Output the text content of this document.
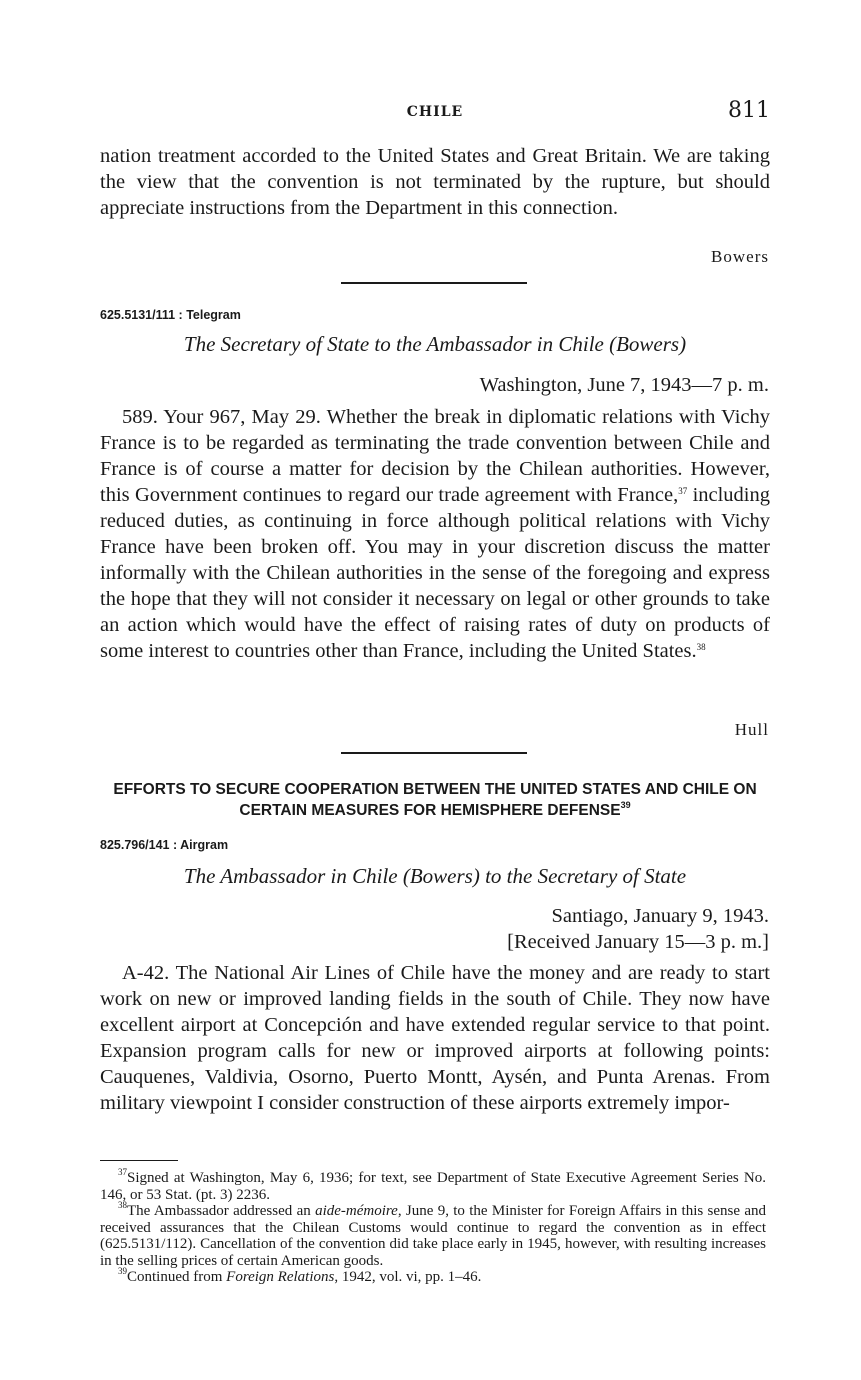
CHILE	811

nation treatment accorded to the United States and Great Britain. We are taking the view that the convention is not terminated by the rupture, but should appreciate instructions from the Department in this connection.

Bowers
625.5131/111 : Telegram
The Secretary of State to the Ambassador in Chile (Bowers)
Washington, June 7, 1943—7 p. m.

589. Your 967, May 29. Whether the break in diplomatic relations with Vichy France is to be regarded as terminating the trade convention between Chile and France is of course a matter for decision by the Chilean authorities. However, this Government continues to regard our trade agreement with France,$^{37}$ including reduced duties, as continuing in force although political relations with Vichy France have been broken off. You may in your discretion discuss the matter informally with the Chilean authorities in the sense of the foregoing and express the hope that they will not consider it necessary on legal or other grounds to take an action which would have the effect of raising rates of duty on products of some interest to countries other than France, including the United States.$^{38}$

Hull
EFFORTS TO SECURE COOPERATION BETWEEN THE UNITED STATES AND CHILE ON CERTAIN MEASURES FOR HEMISPHERE DEFENSE$^{39}$
825.796/141 : Airgram
The Ambassador in Chile (Bowers) to the Secretary of State
Santiago, January 9, 1943.
[Received January 15—3 p. m.]

A-42. The National Air Lines of Chile have the money and are ready to start work on new or improved landing fields in the south of Chile. They now have excellent airport at Concepción and have extended regular service to that point. Expansion program calls for new or improved airports at following points: Cauquenes, Valdivia, Osorno, Puerto Montt, Aysén, and Punta Arenas. From military viewpoint I consider construction of these airports extremely impor-

$^{37}$Signed at Washington, May 6, 1936; for text, see Department of State Executive Agreement Series No. 146, or 53 Stat. (pt. 3) 2236.

$^{38}$The Ambassador addressed an aide-mémoire, June 9, to the Minister for Foreign Affairs in this sense and received assurances that the Chilean Customs would continue to regard the convention as in effect (625.5131/112). Cancellation of the convention did take place early in 1945, however, with resulting increases in the selling prices of certain American goods.

$^{39}$Continued from Foreign Relations, 1942, vol. vi, pp. 1–46.
